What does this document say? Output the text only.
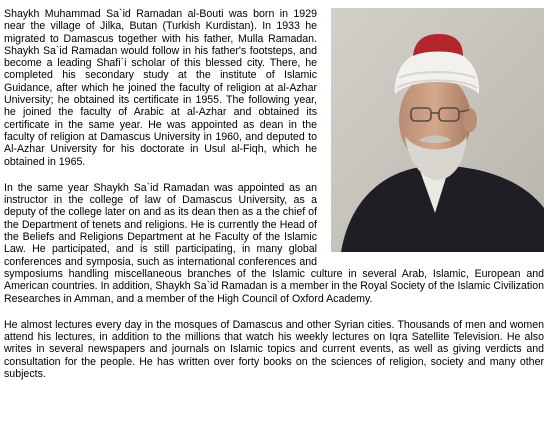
Shaykh Muhammad Sa`id Ramadan al-Bouti was born in 1929 near the village of Jilka, Butan (Turkish Kurdistan). In 1933 he migrated to Damascus together with his father, Mulla Ramadan. Shaykh Sa`id Ramadan would follow in his father's footsteps, and become a leading Shafi`i scholar of this blessed city. There, he completed his secondary study at the institute of Islamic Guidance, after which he joined the faculty of religion at al-Azhar University; he obtained its certificate in 1955. The following year, he joined the faculty of Arabic at al-Azhar and obtained its certificate in the same year. He was appointed as dean in the faculty of religion at Damascus University in 1960, and deputed to Al-Azhar University for his doctorate in Usul al-Fiqh, which he obtained in 1965.

In the same year Shaykh Sa`id Ramadan was appointed as an instructor in the college of law of Damascus University, as a deputy of the college later on and as its dean then as a the chief of the Department of tenets and religions. He is currently the Head of the Beliefs and Religions Department at he Faculty of the Islamic Law. He participated, and is still participating, in many global conferences and symposia, such as international conferences and symposiums handling miscellaneous branches of the Islamic culture in several Arab, Islamic, European and American countries. In addition, Shaykh Sa`id Ramadan is a member in the Royal Society of the Islamic Civilization Researches in Amman, and a member of the High Council of Oxford Academy.

He almost lectures every day in the mosques of Damascus and other Syrian cities. Thousands of men and women attend his lectures, in addition to the millions that watch his weekly lectures on Iqra Satellite Television. He also writes in several newspapers and journals on Islamic topics and current events, as well as giving verdicts and consultation for the people. He has written over forty books on the sciences of religion, society and many other subjects.
